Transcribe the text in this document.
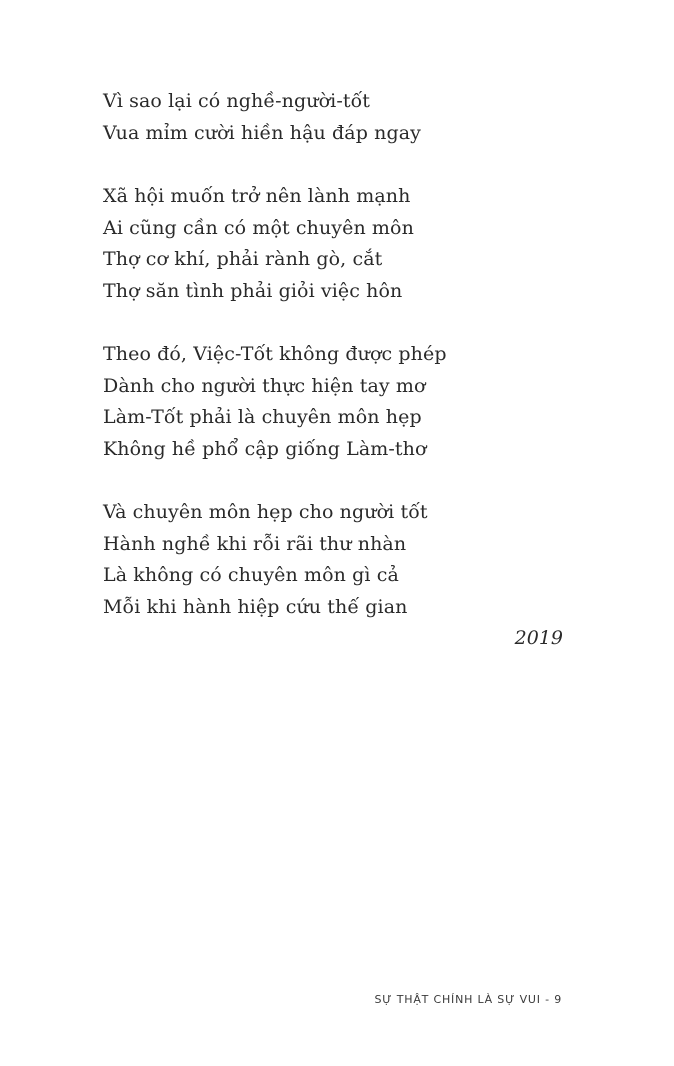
Vì sao lại có nghề-người-tốt
Vua mỉm cười hiền hậu đáp ngay
Xã hội muốn trở nên lành mạnh
Ai cũng cần có một chuyên môn
Thợ cơ khí, phải rành gò, cắt
Thợ săn tình phải giỏi việc hôn
Theo đó, Việc-Tốt không được phép
Dành cho người thực hiện tay mơ
Làm-Tốt phải là chuyên môn hẹp
Không hề phổ cập giống Làm-thơ
Và chuyên môn hẹp cho người tốt
Hành nghề khi rỗi rãi thư nhàn
Là không có chuyên môn gì cả
Mỗi khi hành hiệp cứu thế gian
2019
SỰ THẬT CHÍNH LÀ SỰ VUI - 9
